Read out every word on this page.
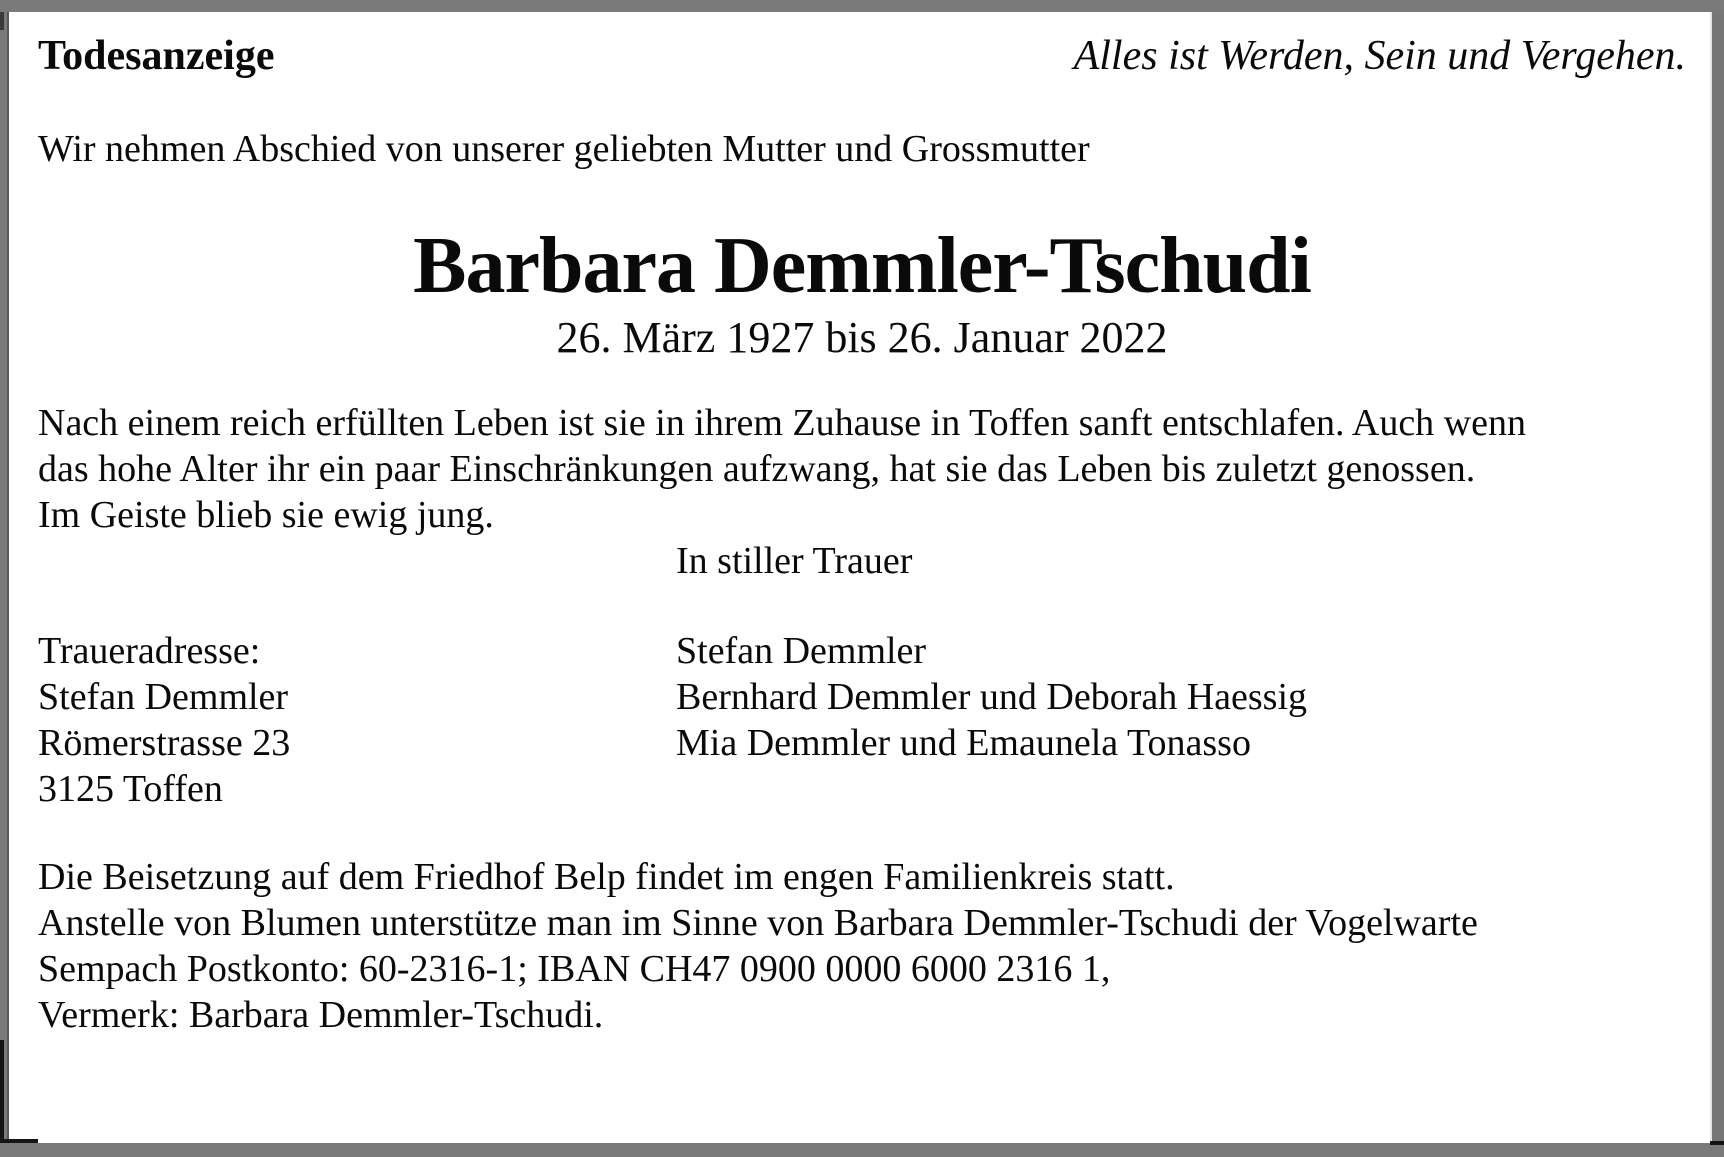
Todesanzeige	Alles ist Werden, Sein und Vergehen.
Wir nehmen Abschied von unserer geliebten Mutter und Grossmutter
Barbara Demmler-Tschudi
26. März 1927 bis 26. Januar 2022
Nach einem reich erfüllten Leben ist sie in ihrem Zuhause in Toffen sanft entschlafen. Auch wenn
das hohe Alter ihr ein paar Einschränkungen aufzwang, hat sie das Leben bis zuletzt genossen.
Im Geiste blieb sie ewig jung.
In stiller Trauer
Traueradresse:	Stefan Demmler
Stefan Demmler	Bernhard Demmler und Deborah Haessig
Römerstrasse 23	Mia Demmler und Emaunela Tonasso
3125 Toffen
Die Beisetzung auf dem Friedhof Belp findet im engen Familienkreis statt.
Anstelle von Blumen unterstütze man im Sinne von Barbara Demmler-Tschudi der Vogelwarte
Sempach Postkonto: 60-2316-1; IBAN CH47 0900 0000 6000 2316 1,
Vermerk: Barbara Demmler-Tschudi.
